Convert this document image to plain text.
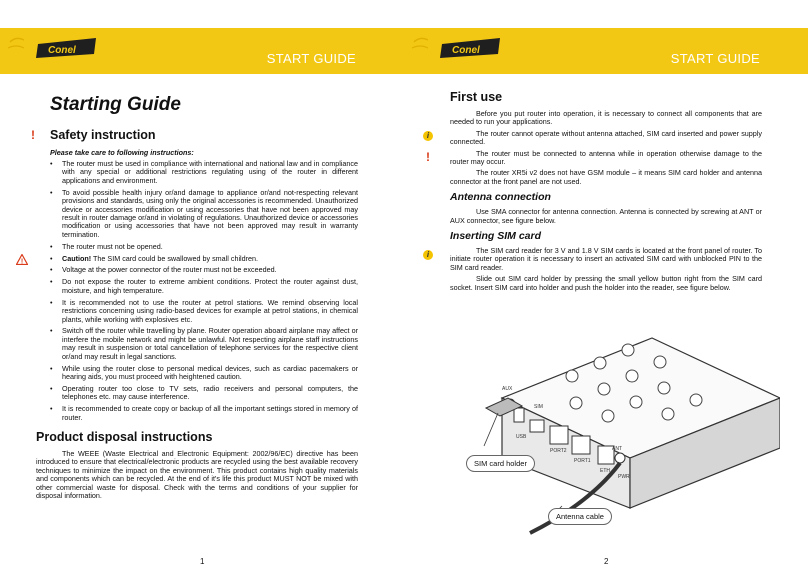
START GUIDE
Conel
Starting Guide
! Safety instruction
Please take care to following instructions:
• The router must be used in compliance with international and national law and in compliance with any special or additional restrictions regulating using of the router in different applications and environment.
• To avoid possible health injury or/and damage to appliance or/and not-respecting relevant provisions and standards, using only the original accessories is recommended. Unauthorized device or accessories modification or using accessories that have not been approved may result in router damage or/and in violating of regulations. Unauthorized device or accessories modification or using accessories that have not been approved may result in warranty termination.
• The router must not be opened.
• !	Caution! The SIM card could be swallowed by small children.
• Voltage at the power connector of the router must not be exceeded.
• Do not expose the router to extreme ambient conditions. Protect the router against dust, moisture, and high temperature.
• It is recommended not to use the router at petrol stations. We remind observing local restrictions concerning using radio-based devices for example at petrol stations, in chemical plants, while working with explosives etc.
• Switch off the router while travelling by plane. Router operation aboard airplane may affect or interfere the mobile network and might be unlawful. Not respecting airplane staff instructions may result in suspension or total cancellation of telephone services for the respective client or/and may result in legal sanctions.
• While using the router close to personal medical devices, such as cardiac pacemakers or hearing aids, you must proceed with heightened caution.
• Operating router too close to TV sets, radio receivers and personal computers, the telephones etc. may cause interference.
• It is recommended to create copy or backup of all the important settings stored in memory of router.
Product disposal instructions

The WEEE (Waste Electrical and Electronic Equipment: 2002/96/EC) directive has been introduced to ensure that electrical/electronic products are recycled using the best available recovery techniques to minimize the impact on the environment. This product contains high quality materials and components which can be recycled. At the end of it's life this product MUST NOT be mixed with other commercial waste for disposal. Check with the terms and conditions of your supplier for disposal information.

1
START GUIDE
Conel
2
First use

Before you put router into operation, it is necessary to connect all components that are needed to run your applications.

i	The router cannot operate without antenna attached, SIM card inserted and power supply connected.

!	The router must be connected to antenna while in operation otherwise damage to the router may occur.

The router XR5i v2 does not have GSM module – it means SIM card holder and antenna connector at the front panel are not used.

Antenna connection

Use SMA connector for antenna connection. Antenna is connected by screwing at ANT or AUX connector, see figure below.

Inserting SIM card
i	The SIM card reader for 3 V and 1.8 V SIM cards is located at the front panel of router. To initiate router operation it is necessary to insert an activated SIM card with unblocked PIN to the SIM card reader.

Slide out SIM card holder by pressing the small yellow button right from the SIM card socket. Insert SIM card into holder and push the holder into the reader, see figure below.

AUX
SIM
USB
PORT2
PORT1
ETH
ANT
PWR
SIM card holder
Antenna cable
